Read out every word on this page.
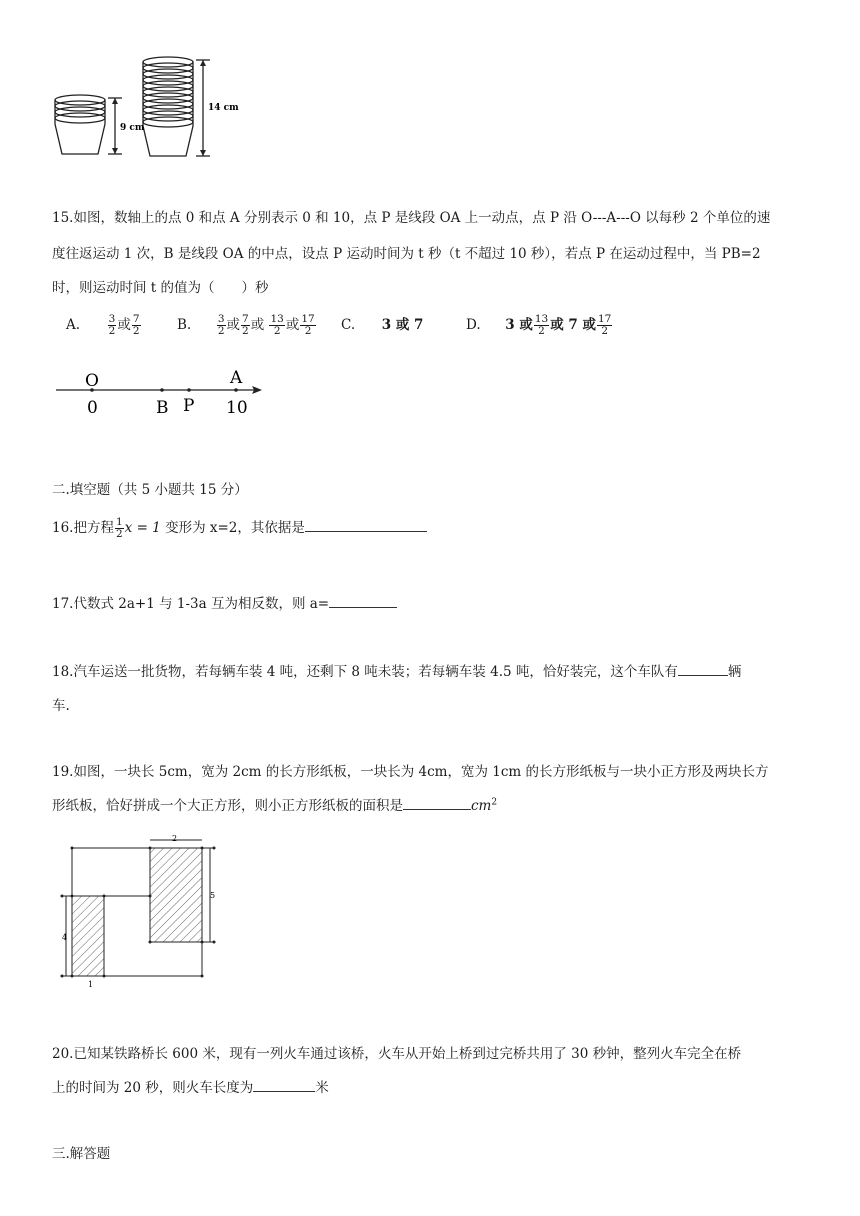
9 cm
14 cm
15.如图，数轴上的点 0 和点 A 分别表示 0 和 10，点 P 是线段 OA 上一动点，点 P 沿 O---A---O 以每秒 2 个单位的速
度往返运动 1 次，B 是线段 OA 的中点，设点 P 运动时间为 t 秒（t 不超过 10 秒），若点 P 在运动过程中，当 PB=2
时，则运动时间 t 的值为（　　）秒
A.	$\frac{3}{2}$ 或 $\frac{7}{2}$	B. $\frac{3}{2}$ 或 $\frac{7}{2}$ 或 $\frac{13}{2}$ 或 $\frac{17}{2} C$. 3 或 7	D. 3 或 $\frac{13}{2}$ 或 7 或 $\frac{17}{2}$
O	A
0	B P 10
二.填空题（共 5 小题共 15 分）
16.把方程 $\frac{1}{2}$ x = 1 变形为 x=2，其依据是
17.代数式 2a+1 与 1-3a 互为相反数，则 a=
18.汽车运送一批货物，若每辆车装 4 吨，还剩下 8 吨未装；若每辆车装 4.5 吨，恰好装完，这个车队有	辆
车.
19.如图，一块长 5cm，宽为 2cm 的长方形纸板，一块长为 4cm，宽为 1cm 的长方形纸板与一块小正方形及两块长方
形纸板，恰好拼成一个大正方形，则小正方形纸板的面积是	$cm^2$
2
5
4
1
20.已知某铁路桥长 600 米，现有一列火车通过该桥，火车从开始上桥到过完桥共用了 30 秒钟，整列火车完全在桥
上的时间为 20 秒，则火车长度为	米
三.解答题
